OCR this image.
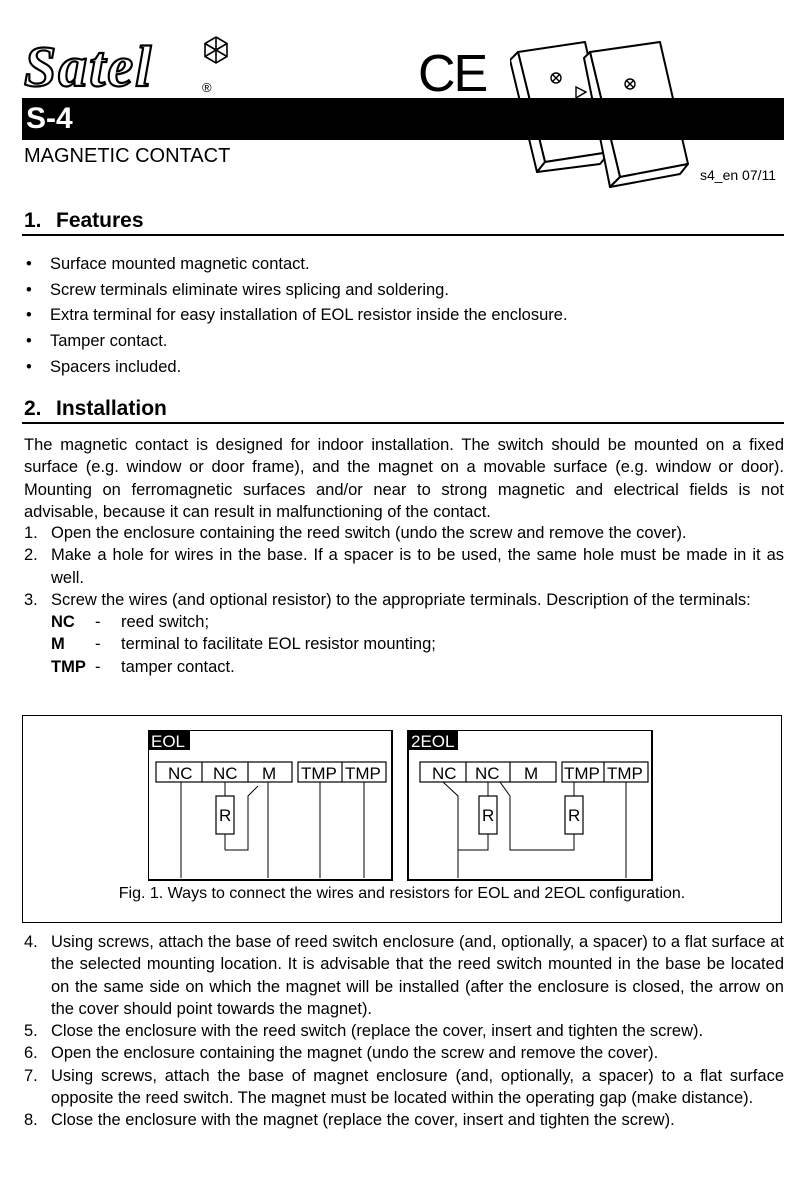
Satel	®	CE
S-4
MAGNETIC CONTACT
s4_en 07/11
1. Features
• Surface mounted magnetic contact.
• Screw terminals eliminate wires splicing and soldering.
• Extra terminal for easy installation of EOL resistor inside the enclosure.
• Tamper contact.
• Spacers included.
2. Installation

The magnetic contact is designed for indoor installation. The switch should be mounted on a fixed surface (e.g. window or door frame), and the magnet on a movable surface (e.g. window or door). Mounting on ferromagnetic surfaces and/or near to strong magnetic and electrical fields is not advisable, because it can result in malfunctioning of the contact.

1. Open the enclosure containing the reed switch (undo the screw and remove the cover).
2. Make a hole for wires in the base. If a spacer is to be used, the same hole must be made in it as well.
3. Screw the wires (and optional resistor) to the appropriate terminals. Description of the terminals:
NC	-	reed switch;
M	-	terminal to facilitate EOL resistor mounting;
TMP -	tamper contact.
EOL
NC NC M TMP TMP
R
2EOL
NC NC M TMP TMP
R	R
Fig. 1. Ways to connect the wires and resistors for EOL and 2EOL configuration.
4. Using screws, attach the base of reed switch enclosure (and, optionally, a spacer) to a flat surface at the selected mounting location. It is advisable that the reed switch mounted in the base be located on the same side on which the magnet will be installed (after the enclosure is closed, the arrow on the cover should point towards the magnet).
5. Close the enclosure with the reed switch (replace the cover, insert and tighten the screw).
6. Open the enclosure containing the magnet (undo the screw and remove the cover).
7. Using screws, attach the base of magnet enclosure (and, optionally, a spacer) to a flat surface opposite the reed switch. The magnet must be located within the operating gap (make distance).
8. Close the enclosure with the magnet (replace the cover, insert and tighten the screw).
